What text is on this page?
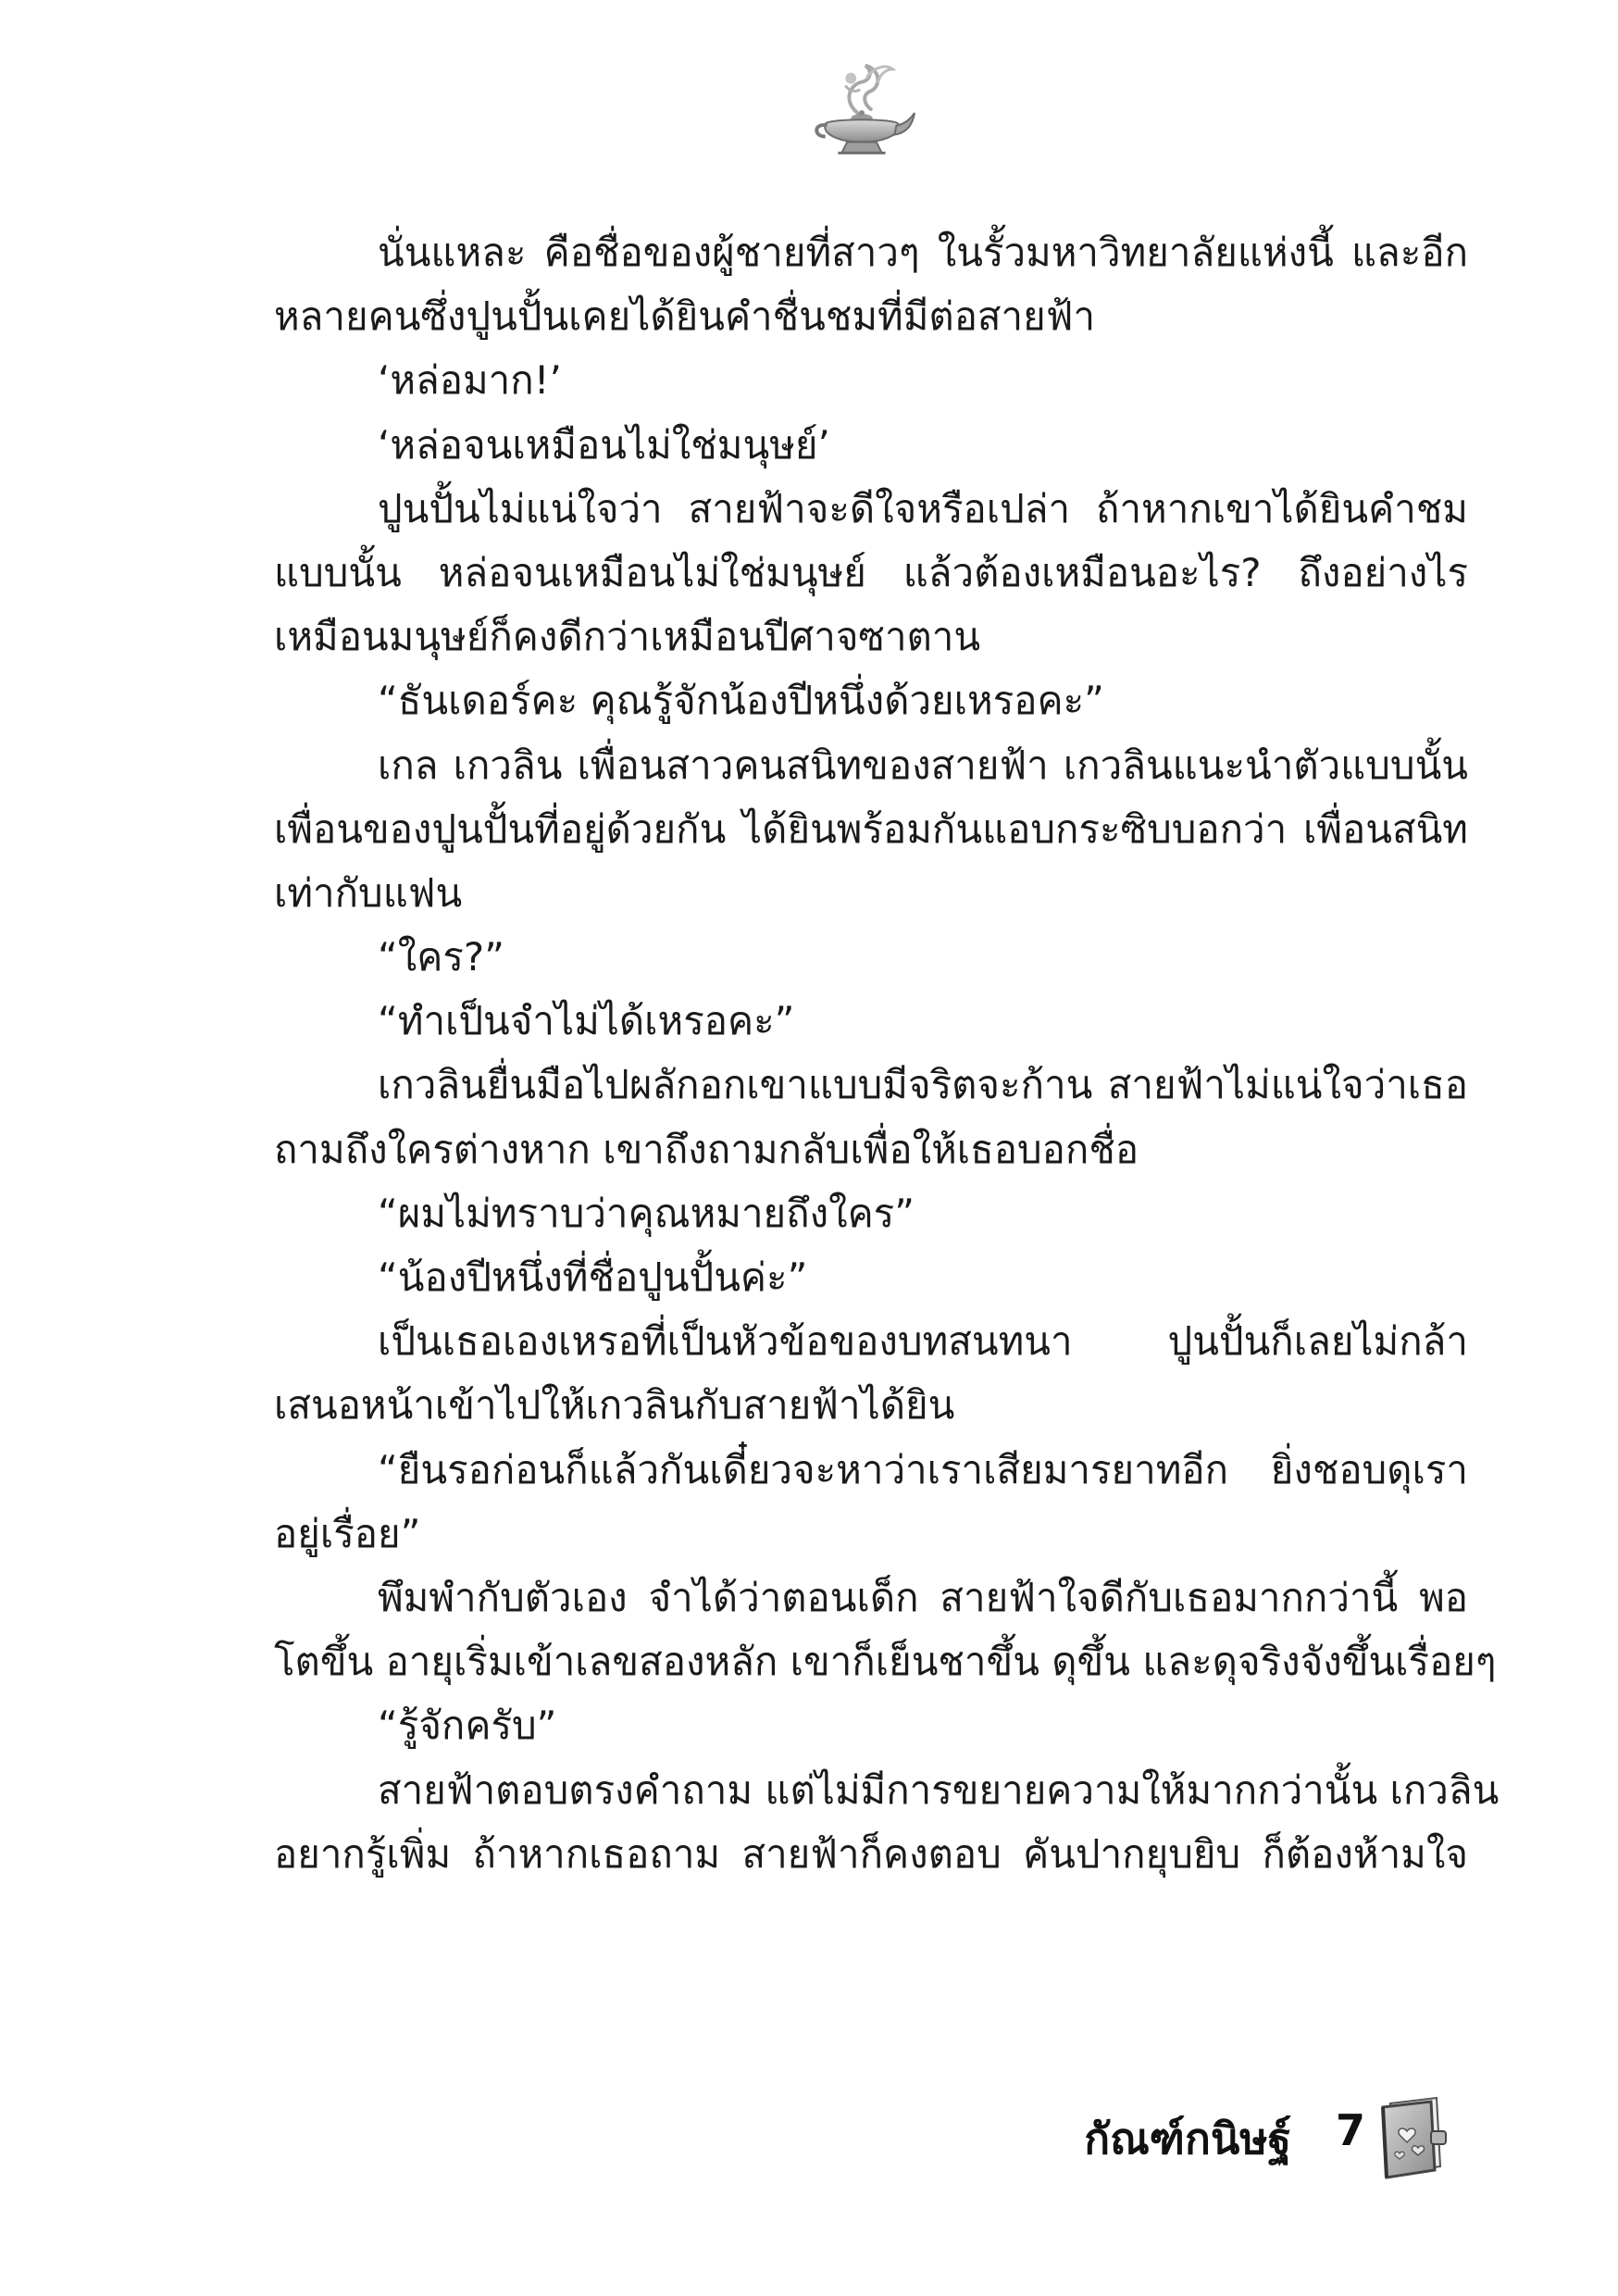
นั่นแหละ คือชื่อของผู้ชายที่สาวๆ ในรั้วมหาวิทยาลัยแห่งนี้ และอีก
หลายคนซึ่งปูนปั้นเคยได้ยินคำชื่นชมที่มีต่อสายฟ้า
‘หล่อมาก!’
‘หล่อจนเหมือนไม่ใช่มนุษย์’
ปูนปั้นไม่แน่ใจว่า สายฟ้าจะดีใจหรือเปล่า ถ้าหากเขาได้ยินคำชม
แบบนั้น หล่อจนเหมือนไม่ใช่มนุษย์ แล้วต้องเหมือนอะไร? ถึงอย่างไร
เหมือนมนุษย์ก็คงดีกว่าเหมือนปีศาจซาตาน
“ธันเดอร์คะ คุณรู้จักน้องปีหนึ่งด้วยเหรอคะ”
เกล เกวลิน เพื่อนสาวคนสนิทของสายฟ้า เกวลินแนะนำตัวแบบนั้น
เพื่อนของปูนปั้นที่อยู่ด้วยกัน ได้ยินพร้อมกันแอบกระซิบบอกว่า เพื่อนสนิท
เท่ากับแฟน
“ใคร?”
“ทำเป็นจำไม่ได้เหรอคะ”
เกวลินยื่นมือไปผลักอกเขาแบบมีจริตจะก้าน สายฟ้าไม่แน่ใจว่าเธอ
ถามถึงใครต่างหาก เขาถึงถามกลับเพื่อให้เธอบอกชื่อ
“ผมไม่ทราบว่าคุณหมายถึงใคร”
“น้องปีหนึ่งที่ชื่อปูนปั้นค่ะ”
เป็นเธอเองเหรอที่เป็นหัวข้อของบทสนทนา ปูนปั้นก็เลยไม่กล้า
เสนอหน้าเข้าไปให้เกวลินกับสายฟ้าได้ยิน
“ยืนรอก่อนก็แล้วกันเดี๋ยวจะหาว่าเราเสียมารยาทอีก ยิ่งชอบดุเรา
อยู่เรื่อย”
พึมพำกับตัวเอง จำได้ว่าตอนเด็ก สายฟ้าใจดีกับเธอมากกว่านี้ พอ
โตขึ้น อายุเริ่มเข้าเลขสองหลัก เขาก็เย็นชาขึ้น ดุขึ้น และดุจริงจังขึ้นเรื่อยๆ
“รู้จักครับ”
สายฟ้าตอบตรงคำถาม แต่ไม่มีการขยายความให้มากกว่านั้น เกวลิน
อยากรู้เพิ่ม ถ้าหากเธอถาม สายฟ้าก็คงตอบ คันปากยุบยิบ ก็ต้องห้ามใจ
กัณฑ์กนิษฐ์ 7
